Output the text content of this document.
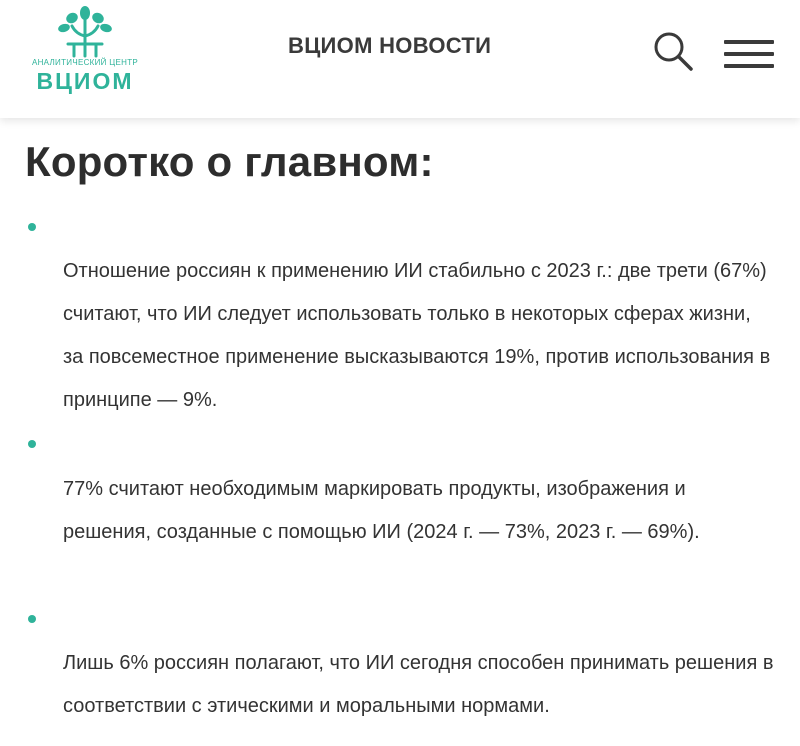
АНАЛИТИЧЕСКИЙ ЦЕНТР
ВЦИОМ
ВЦИОМ НОВОСТИ
Коротко о главном:

Отношение россиян к применению ИИ стабильно с 2023 г.: две трети (67%) считают, что ИИ следует использовать только в некоторых сферах жизни, за повсеместное применение высказываются 19%, против использования в принципе — 9%.

77% считают необходимым маркировать продукты, изображения и решения, созданные с помощью ИИ (2024 г. — 73%, 2023 г. — 69%).

Лишь 6% россиян полагают, что ИИ сегодня способен принимать решения в соответствии с этическими и моральными нормами.
